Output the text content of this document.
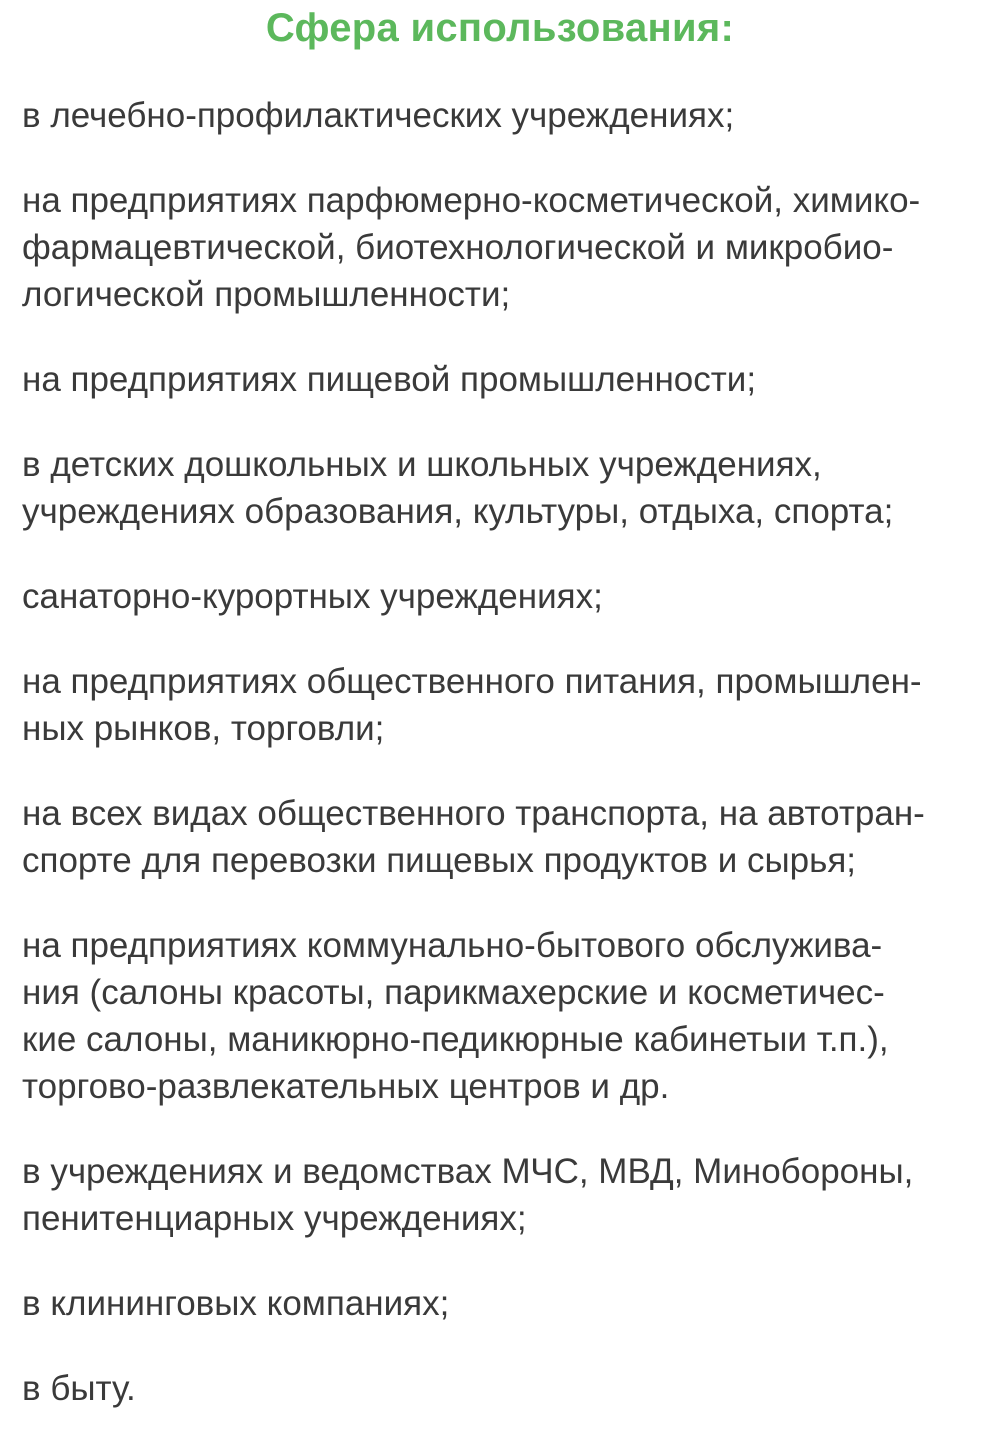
Сфера использования:
в лечебно-профилактических учреждениях;
на предприятиях парфюмерно-косметической, химико-
фармацевтической, биотехнологической и микробио-
логической промышленности;
на предприятиях пищевой промышленности;
в детских дошкольных и школьных учреждениях,
учреждениях образования, культуры, отдыха, спорта;
санаторно-курортных учреждениях;
на предприятиях общественного питания, промышлен-
ных рынков, торговли;
на всех видах общественного транспорта, на автотран-
спорте для перевозки пищевых продуктов и сырья;
на предприятиях коммунально-бытового обслужива-
ния (салоны красоты, парикмахерские и косметичес-
кие салоны, маникюрно-педикюрные кабинетыи т.п.),
торгово-развлекательных центров и др.
в учреждениях и ведомствах МЧС, МВД, Минобороны,
пенитенциарных учреждениях;
в клининговых компаниях;
в быту.
